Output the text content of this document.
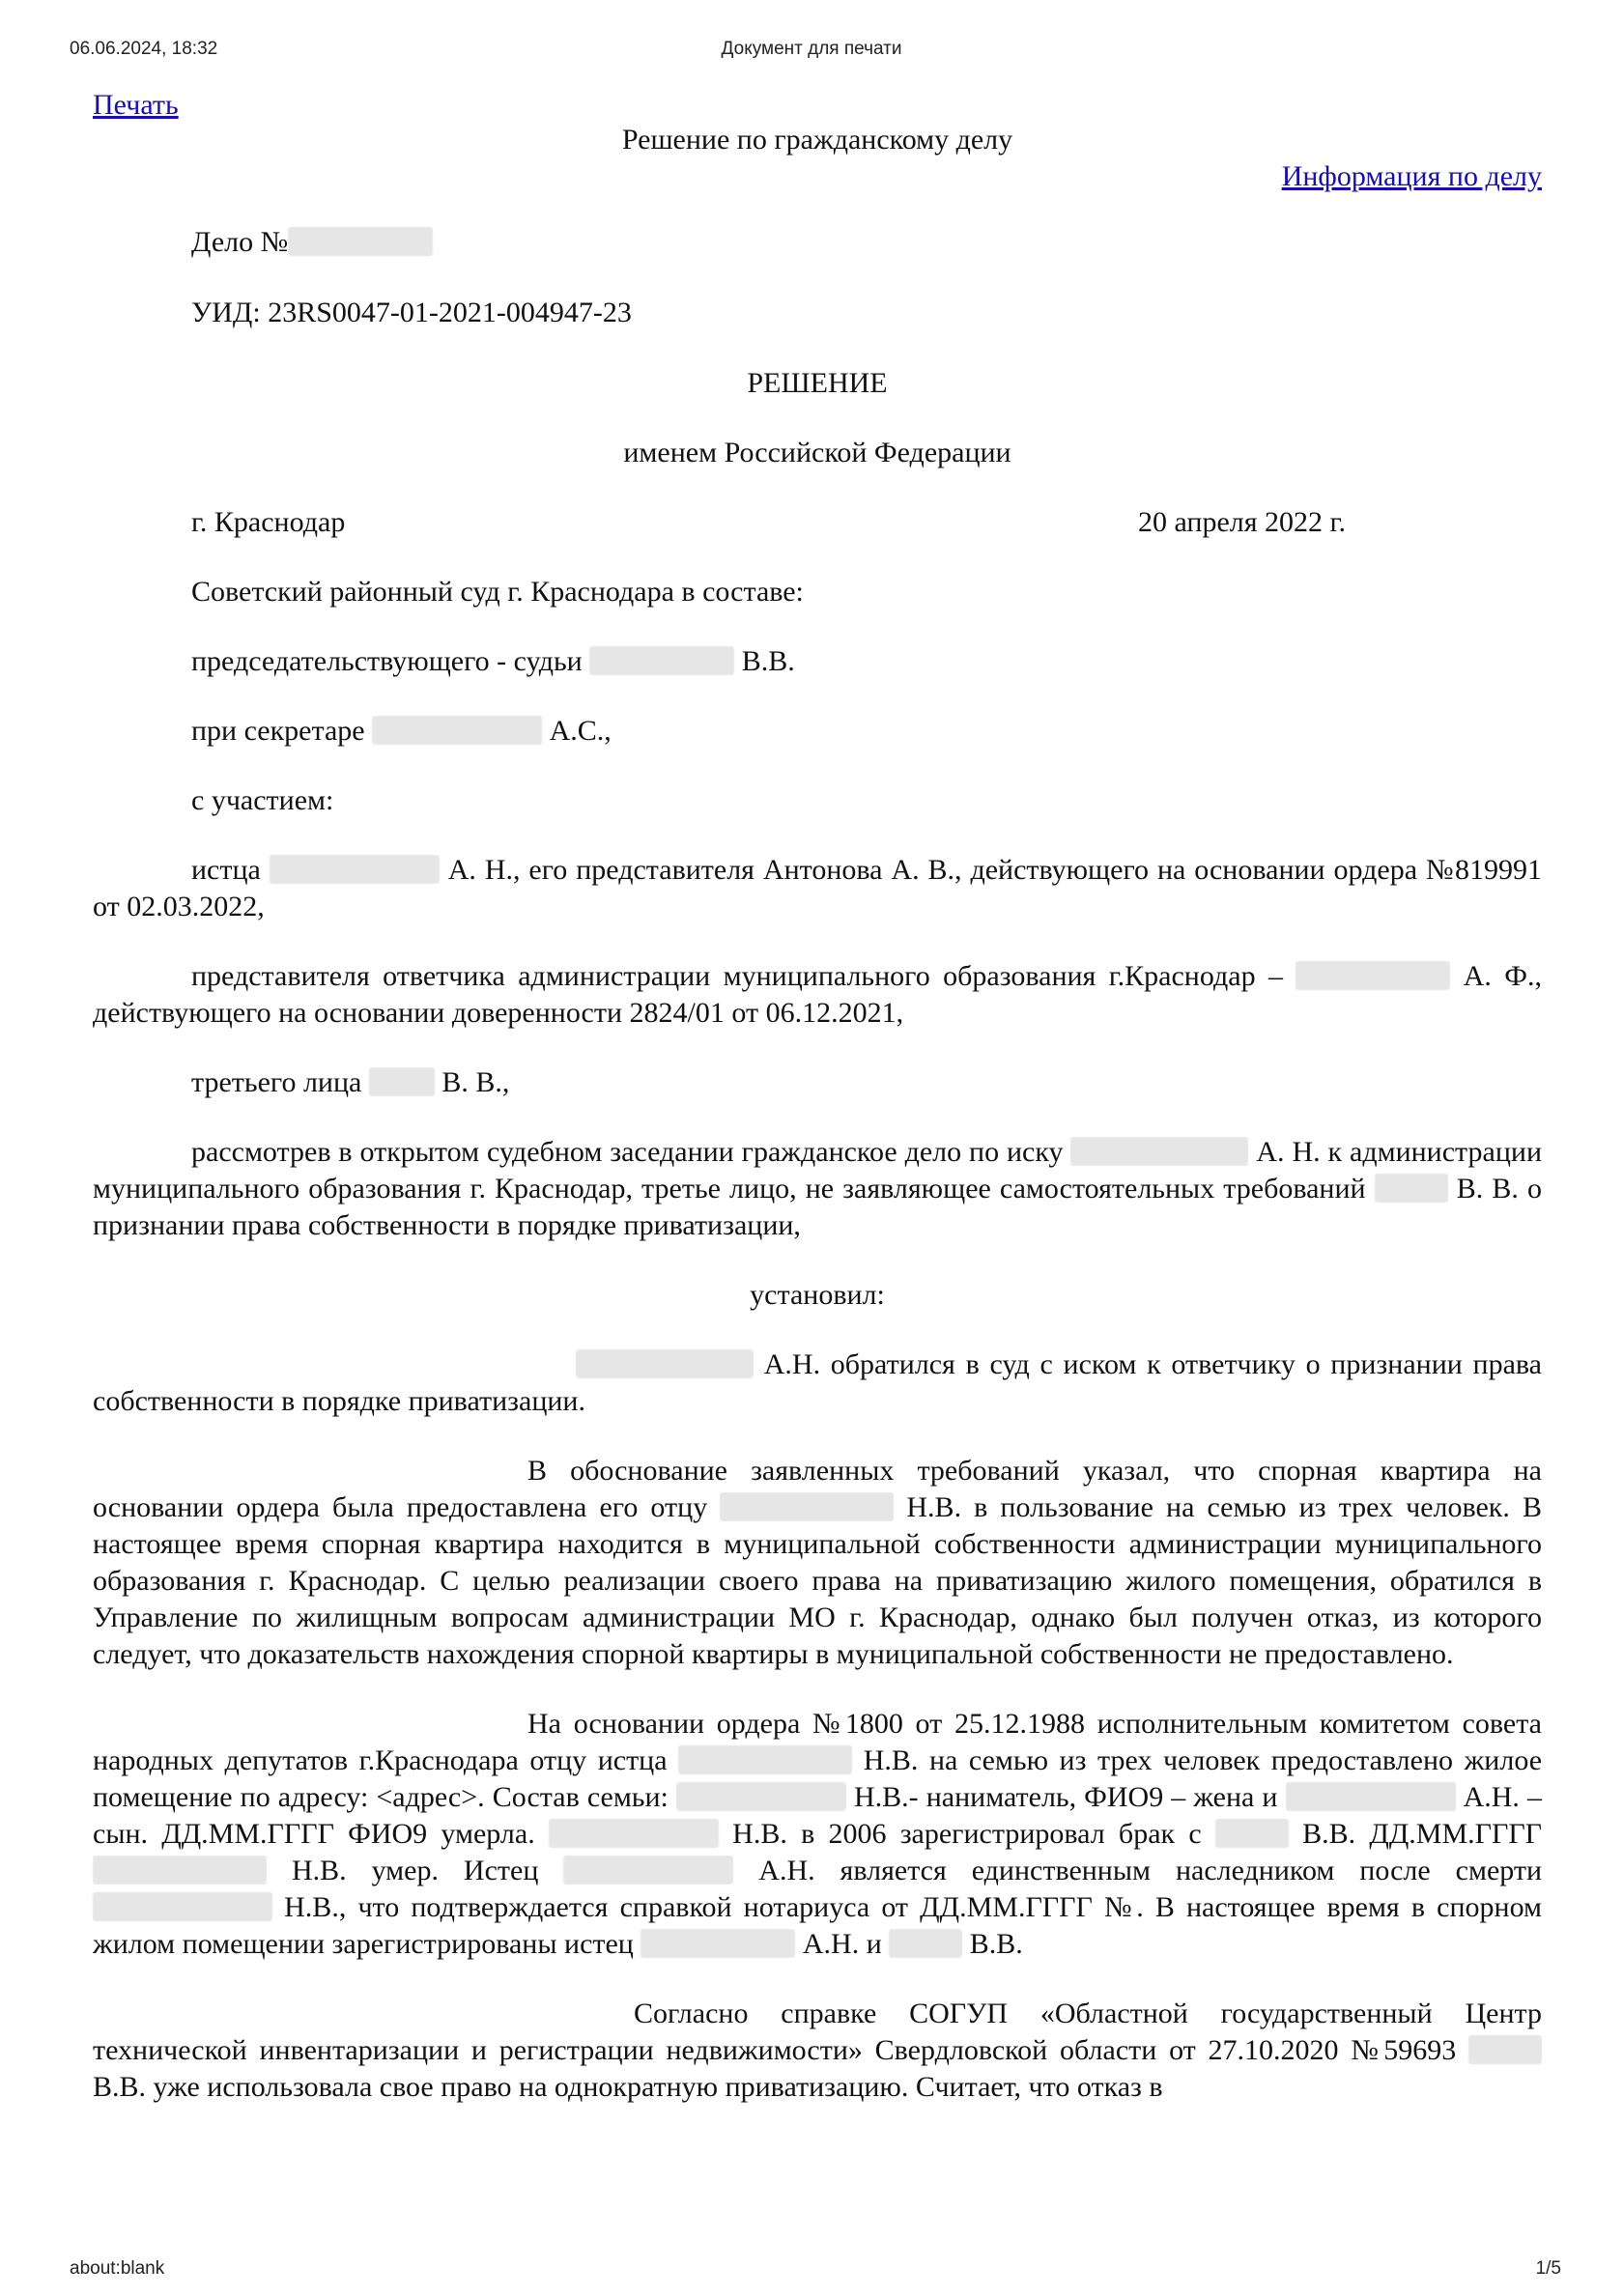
06.06.2024, 18:32	Документ для печати
Печать
Решение по гражданскому делу
Информация по делу

Дело №

УИД: 23RS0047-01-2021-004947-23

РЕШЕНИЕ

именем Российской Федерации

г. Краснодар	20 апреля 2022 г.

Советский районный суд г. Краснодара в составе:

председательствующего - судьи	В.В.

при секретаре	А.С.,

с участием:

истца	А. Н., его представителя Антонова А. В., действующего на основании ордера №819991 от 02.03.2022,

представителя ответчика администрации муниципального образования г.Краснодар –	А. Ф., действующего на основании доверенности 2824/01 от 06.12.2021,

третьего лица	В. В.,

рассмотрев в открытом судебном заседании гражданское дело по иску	А. Н. к администрации муниципального образования г. Краснодар, третье лицо, не заявляющее самостоятельных требований	В. В. о признании права собственности в порядке приватизации,

установил:

А.Н. обратился в суд с иском к ответчику о признании права собственности в порядке приватизации.

В обоснование заявленных требований указал, что спорная квартира на основании ордера была предоставлена его отцу	Н.В. в пользование на семью из трех человек. В настоящее время спорная квартира находится в муниципальной собственности администрации муниципального образования г. Краснодар. С целью реализации своего права на приватизацию жилого помещения, обратился в Управление по жилищным вопросам администрации МО г. Краснодар, однако был получен отказ, из которого следует, что доказательств нахождения спорной квартиры в муниципальной собственности не предоставлено.

На основании ордера №1800 от 25.12.1988 исполнительным комитетом совета народных депутатов г.Краснодара отцу истца	Н.В. на семью из трех человек предоставлено жилое помещение по адресу: <адрес>. Состав семьи:	Н.В.- наниматель, ФИО9 – жена и	А.Н. – сын. ДД.ММ.ГГГГ ФИО9 умерла.	Н.В. в 2006 зарегистрировал брак с	В.В. ДД.ММ.ГГГГ  Н.В. умер. Истец	А.Н. является единственным наследником после смерти  Н.В., что подтверждается справкой нотариуса от ДД.ММ.ГГГГ №. В настоящее время в спорном жилом помещении зарегистрированы истец	А.Н. и	В.В.

Согласно справке СОГУП «Областной государственный Центр технической инвентаризации и регистрации недвижимости» Свердловской области от 27.10.2020 №59693  В.В. уже использовала свое право на однократную приватизацию. Считает, что отказ в

about:blank	1/5
